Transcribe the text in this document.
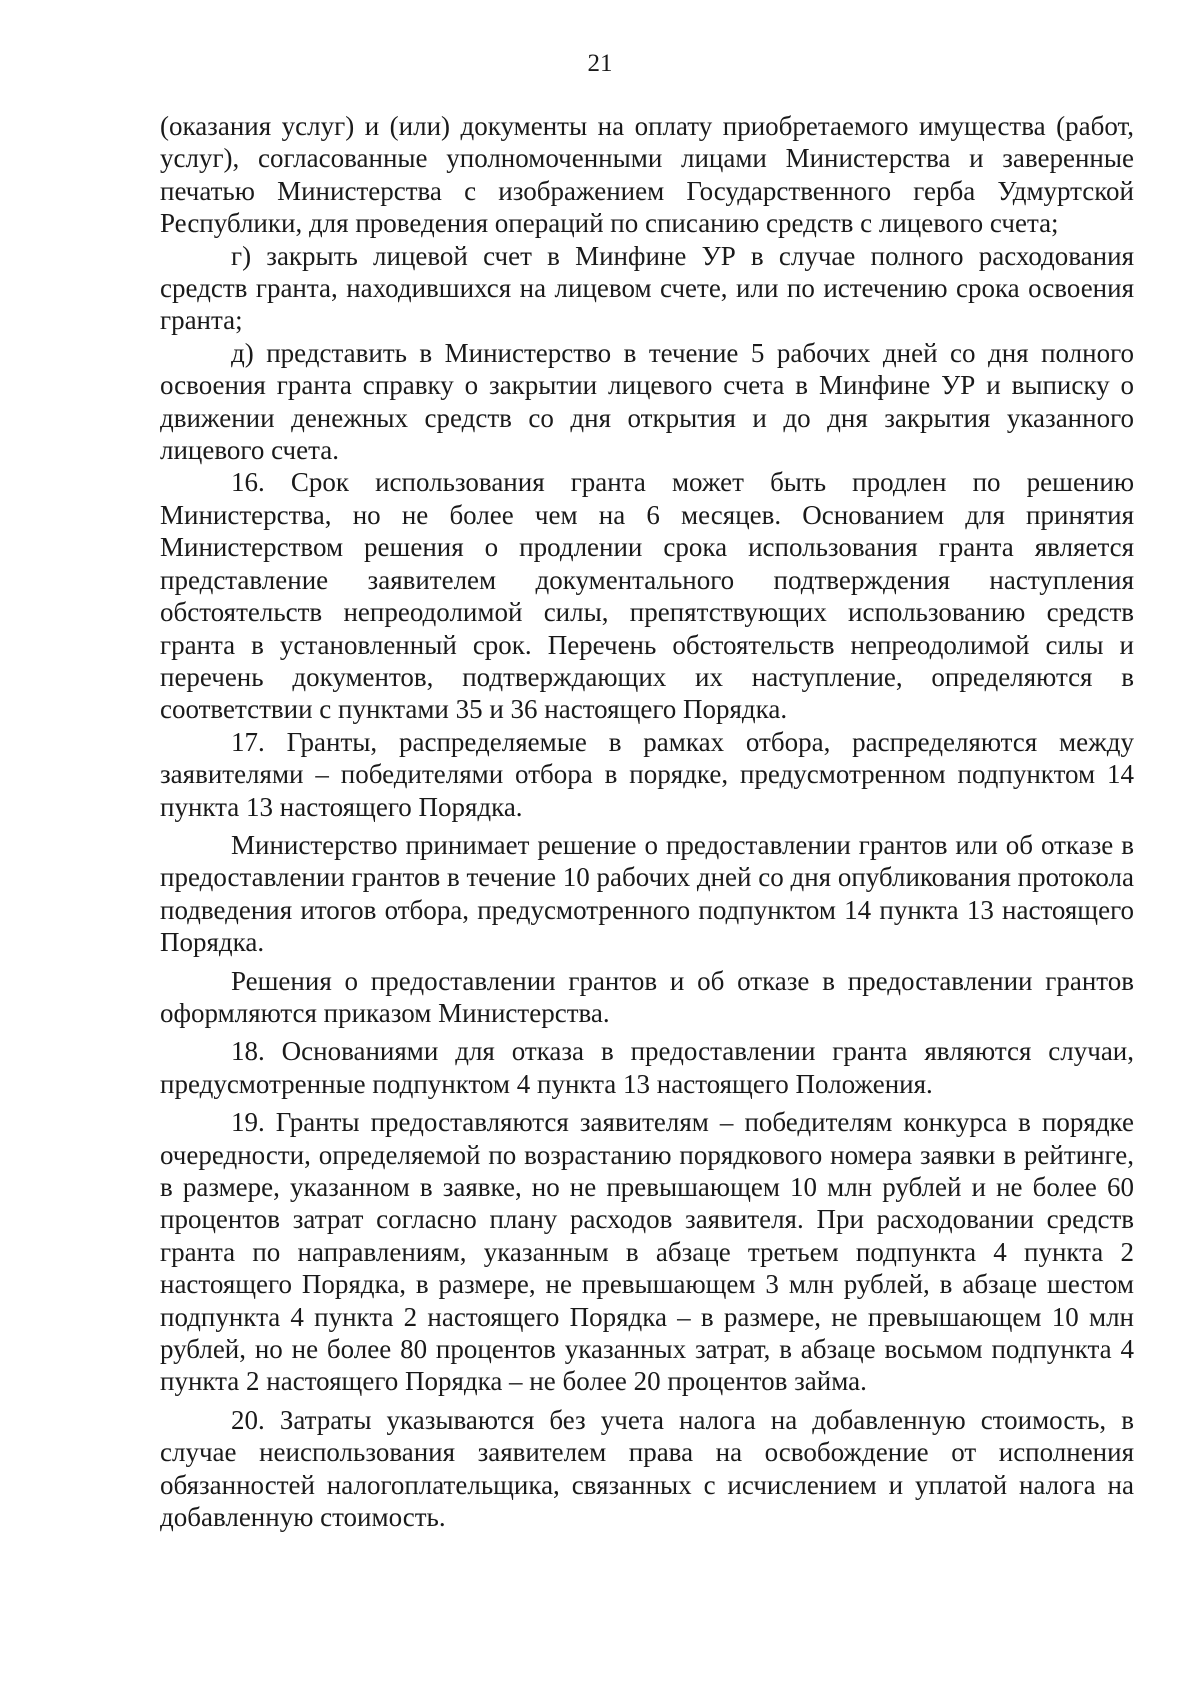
21

(оказания услуг) и (или) документы на оплату приобретаемого имущества (работ, услуг), согласованные уполномоченными лицами Министерства и заверенные печатью Министерства с изображением Государственного герба Удмуртской Республики, для проведения операций по списанию средств с лицевого счета;

г) закрыть лицевой счет в Минфине УР в случае полного расходования средств гранта, находившихся на лицевом счете, или по истечению срока освоения гранта;

д) представить в Министерство в течение 5 рабочих дней со дня полного освоения гранта справку о закрытии лицевого счета в Минфине УР и выписку о движении денежных средств со дня открытия и до дня закрытия указанного лицевого счета.

16. Срок использования гранта может быть продлен по решению Министерства, но не более чем на 6 месяцев. Основанием для принятия Министерством решения о продлении срока использования гранта является представление заявителем документального подтверждения наступления обстоятельств непреодолимой силы, препятствующих использованию средств гранта в установленный срок. Перечень обстоятельств непреодолимой силы и перечень документов, подтверждающих их наступление, определяются в соответствии с пунктами 35 и 36 настоящего Порядка.

17. Гранты, распределяемые в рамках отбора, распределяются между заявителями – победителями отбора в порядке, предусмотренном подпунктом 14 пункта 13 настоящего Порядка.

Министерство принимает решение о предоставлении грантов или об отказе в предоставлении грантов в течение 10 рабочих дней со дня опубликования протокола подведения итогов отбора, предусмотренного подпунктом 14 пункта 13 настоящего Порядка.

Решения о предоставлении грантов и об отказе в предоставлении грантов оформляются приказом Министерства.

18. Основаниями для отказа в предоставлении гранта являются случаи, предусмотренные подпунктом 4 пункта 13 настоящего Положения.

19. Гранты предоставляются заявителям – победителям конкурса в порядке очередности, определяемой по возрастанию порядкового номера заявки в рейтинге, в размере, указанном в заявке, но не превышающем 10 млн рублей и не более 60 процентов затрат согласно плану расходов заявителя. При расходовании средств гранта по направлениям, указанным в абзаце третьем подпункта 4 пункта 2 настоящего Порядка, в размере, не превышающем 3 млн рублей, в абзаце шестом подпункта 4 пункта 2 настоящего Порядка – в размере, не превышающем 10 млн рублей, но не более 80 процентов указанных затрат, в абзаце восьмом подпункта 4 пункта 2 настоящего Порядка – не более 20 процентов займа.

20. Затраты указываются без учета налога на добавленную стоимость, в случае неиспользования заявителем права на освобождение от исполнения обязанностей налогоплательщика, связанных с исчислением и уплатой налога на добавленную стоимость.
